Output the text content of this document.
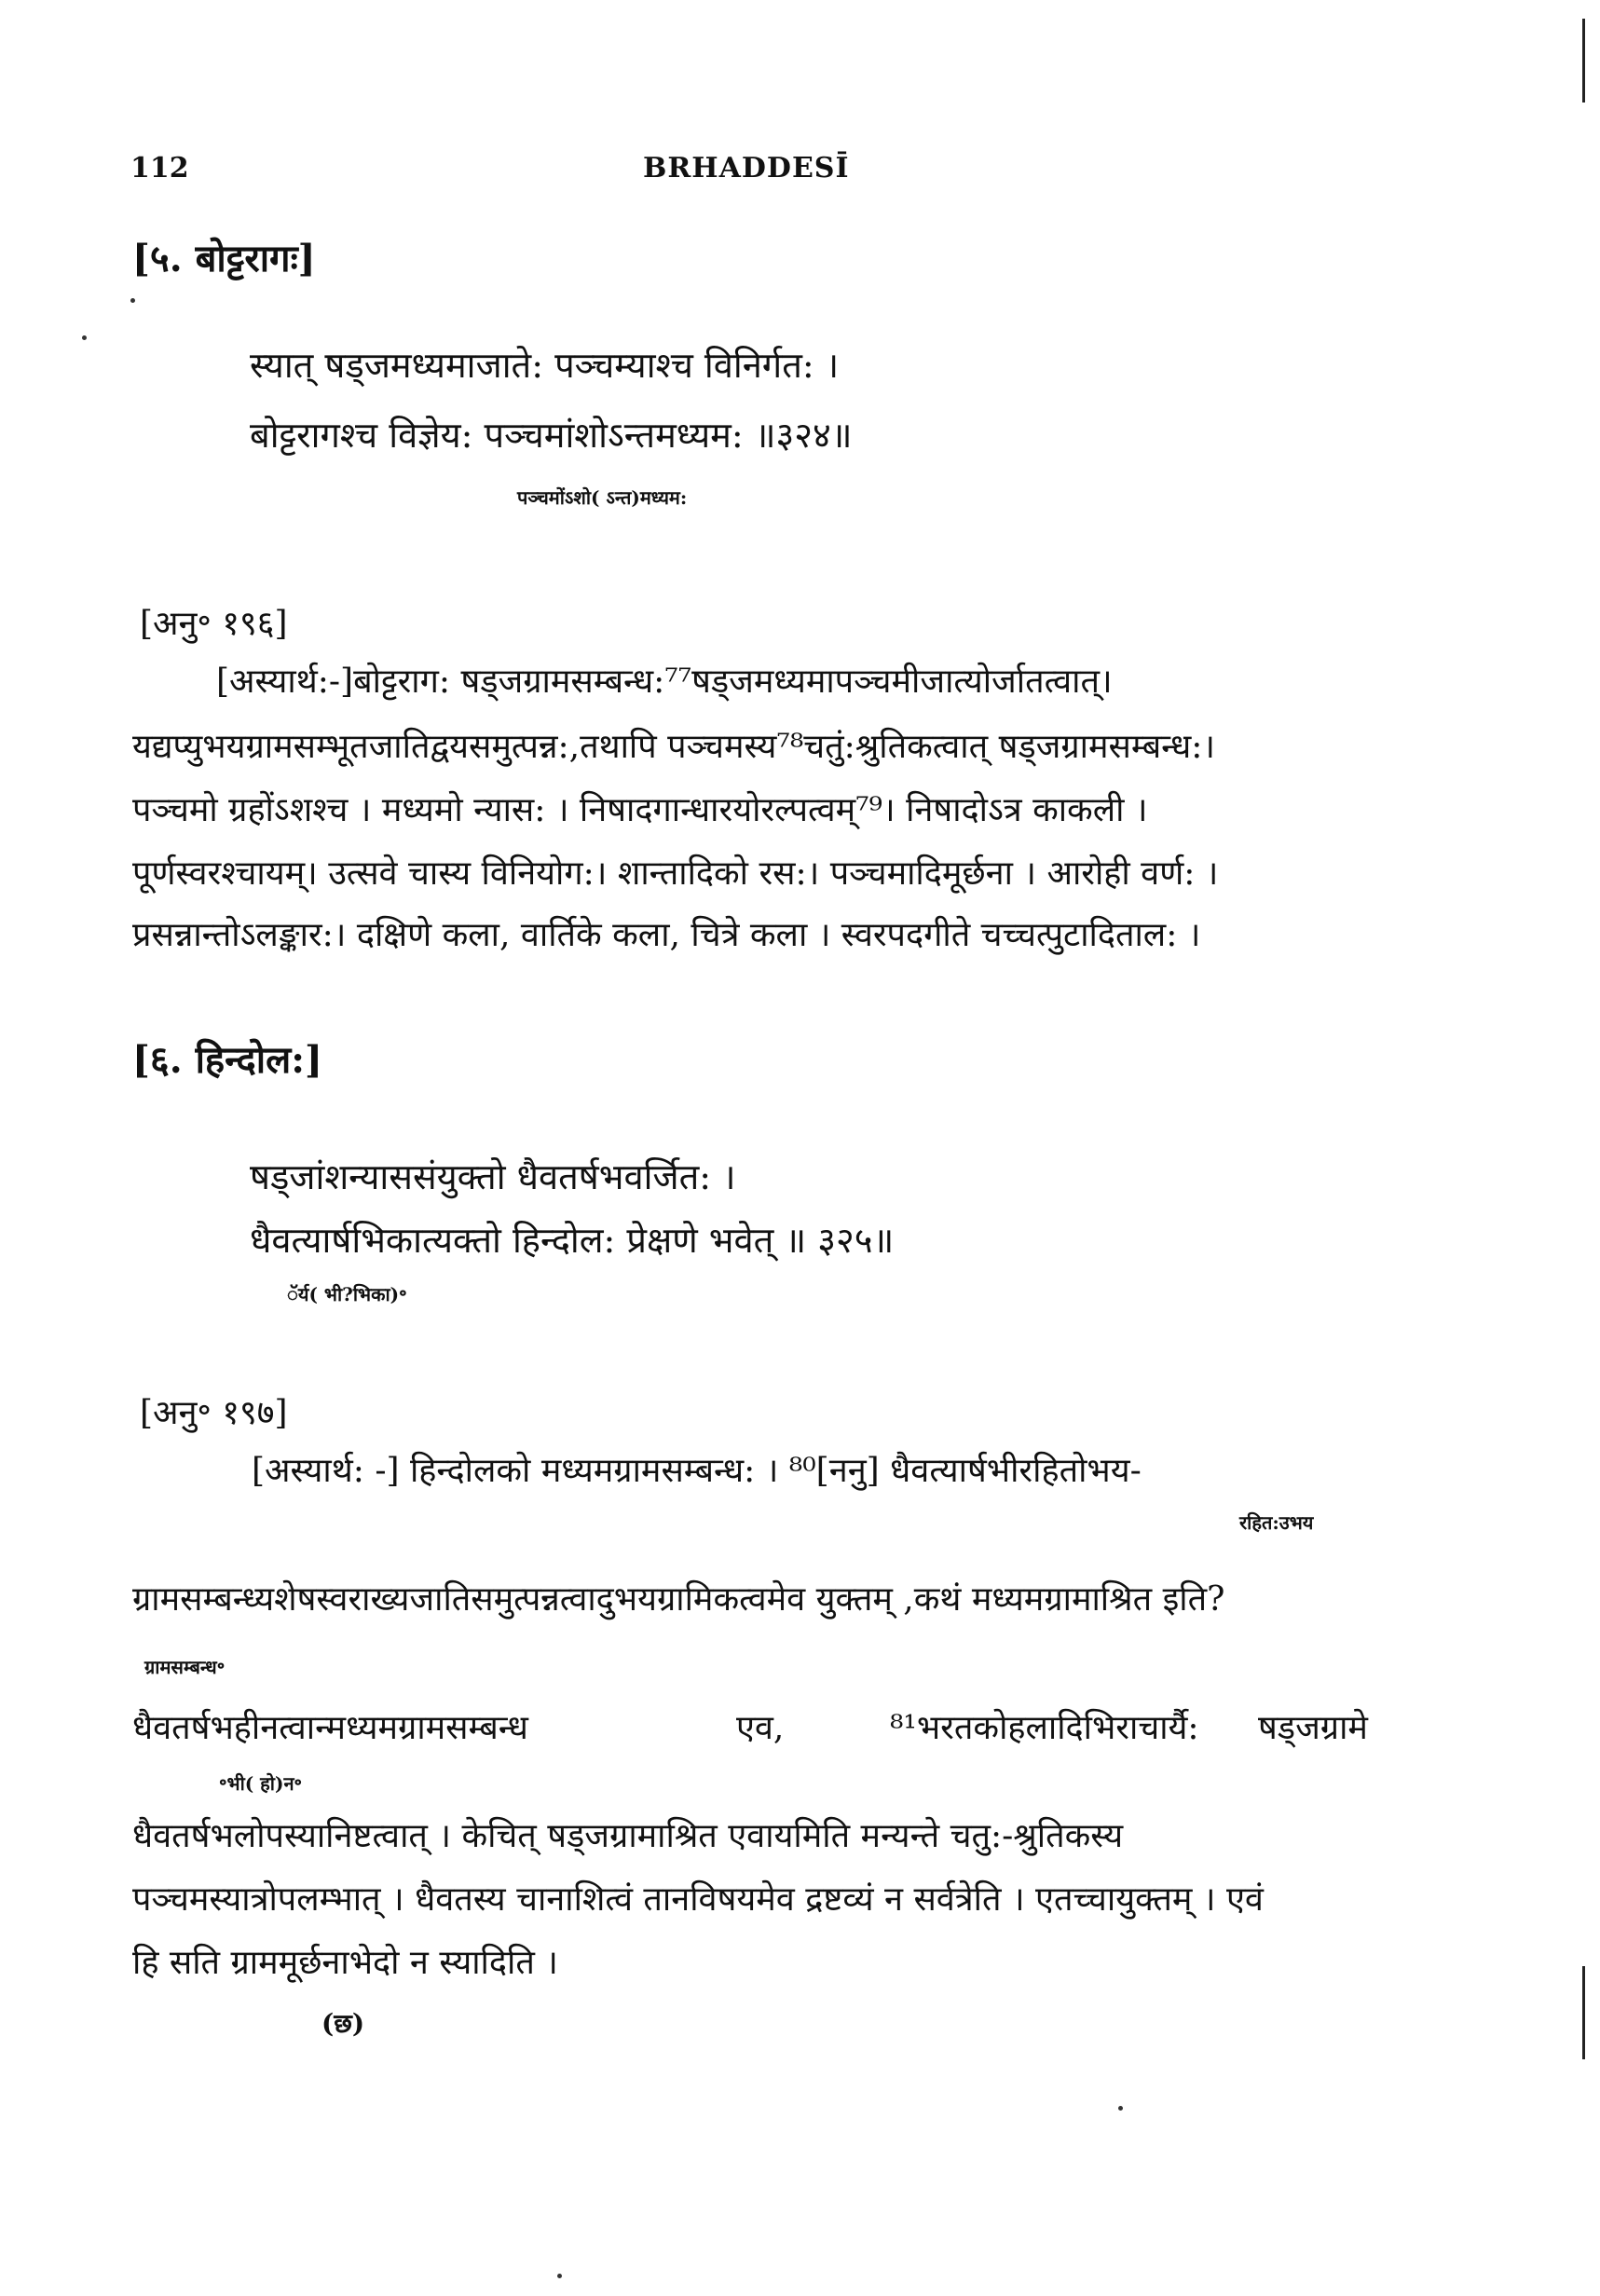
112	BRHADDESĪ
[५. बोट्टरागः]
स्यात् षड्जमध्यमाजाते: पञ्चम्याश्च विनिर्गत: ।
बोट्टरागश्च विज्ञेय: पञ्चमांशोऽन्तमध्यम: ॥३२४॥
पञ्चमोंऽशो( ऽन्त)मध्यम:
[अनु॰ १९६]
[अस्यार्थ:-]बोट्टराग: षड्जग्रामसम्बन्ध:⁷⁷षड्जमध्यमापञ्चमीजात्योर्जातत्वात्।
यद्यप्युभयग्रामसम्भूतजातिद्वयसमुत्पन्न:,तथापि पञ्चमस्य⁷⁸चतुं:श्रुतिकत्वात् षड्जग्रामसम्बन्ध:।
पञ्चमो ग्रहोंऽशश्च । मध्यमो न्यास: । निषादगान्धारयोरल्पत्वम्⁷⁹। निषादोऽत्र काकली ।
पूर्णस्वरश्चायम्। उत्सवे चास्य विनियोग:। शान्तादिको रस:। पञ्चमादिमूर्छना । आरोही वर्ण: ।
प्रसन्नान्तोऽलङ्कार:। दक्षिणे कला, वार्तिके कला, चित्रे कला । स्वरपदगीते चच्चत्पुटादिताल: ।
[६. हिन्दोल:]
षड्जांशन्याससंयुक्तो धैवतर्षभवर्जित: ।
धैवत्यार्षभिकात्यक्तो हिन्दोल: प्रेक्षणे भवेत् ॥ ३२५॥
ॅर्य( भी?भिका)॰
[अनु॰ १९७]
[अस्यार्थ: -] हिन्दोलको मध्यमग्रामसम्बन्ध: । ⁸⁰[ननु] धैवत्यार्षभीरहितोभय-
रहित:उभय
ग्रामसम्बन्ध्यशेषस्वराख्यजातिसमुत्पन्नत्वादुभयग्रामिकत्वमेव युक्तम् ,कथं मध्यमग्रामाश्रित इति?
ग्रामसम्बन्ध॰
धैवतर्षभहीनत्वान्मध्यमग्रामसम्बन्ध	एव,	⁸¹भरतकोहलादिभिराचार्यै: षड्जग्रामे
॰भी( हो)न॰
धैवतर्षभलोपस्यानिष्टत्वात् । केचित् षड्जग्रामाश्रित एवायमिति मन्यन्ते चतु:-श्रुतिकस्य
पञ्चमस्यात्रोपलम्भात् । धैवतस्य चानाशित्वं तानविषयमेव द्रष्टव्यं न सर्वत्रेति । एतच्चायुक्तम् । एवं
हि सति ग्राममूर्छनाभेदो न स्यादिति ।
(छ)
